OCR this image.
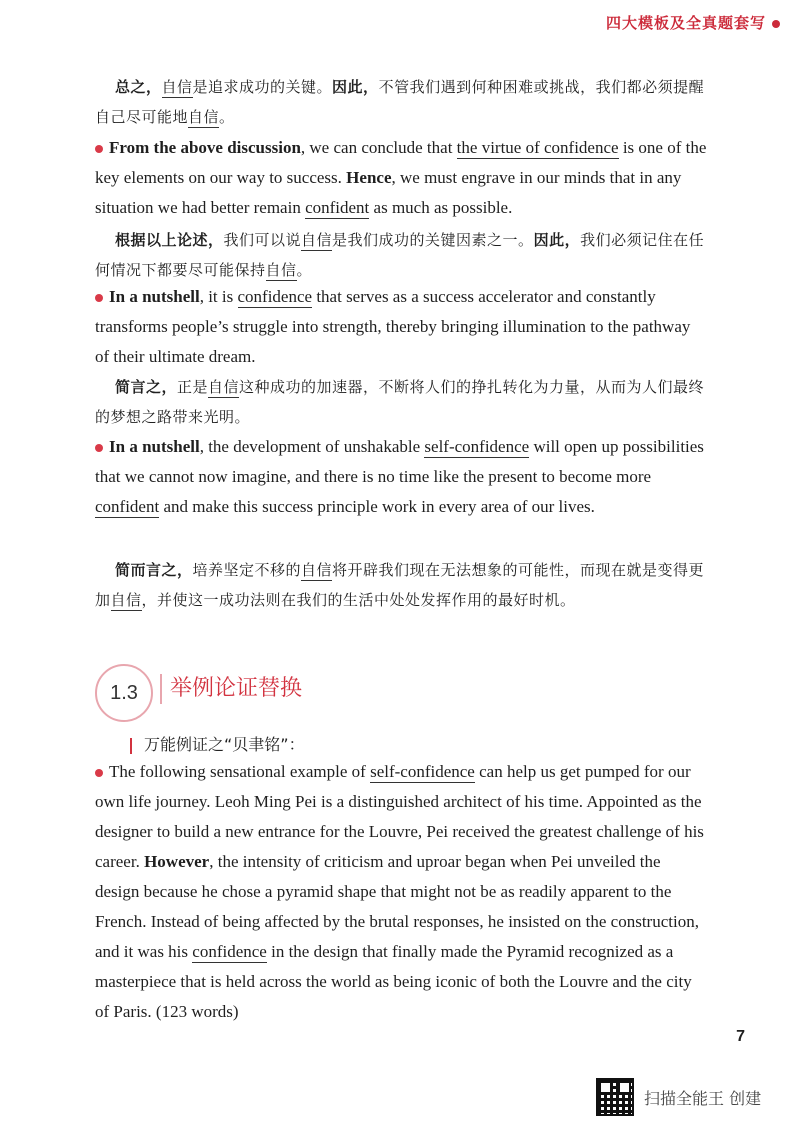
四大模板及全真题套写

总之，自信是追求成功的关键。因此，不管我们遇到何种困难或挑战，我们都必须提醒自己尽可能地自信。

From the above discussion, we can conclude that the virtue of confidence is one of the key elements on our way to success. Hence, we must engrave in our minds that in any situation we had better remain confident as much as possible.

根据以上论述，我们可以说自信是我们成功的关键因素之一。因此，我们必须记住在任何情况下都要尽可能保持自信。

In a nutshell, it is confidence that serves as a success accelerator and constantly transforms people’s struggle into strength, thereby bringing illumination to the pathway of their ultimate dream.

简言之，正是自信这种成功的加速器，不断将人们的挣扎转化为力量，从而为人们最终的梦想之路带来光明。

In a nutshell, the development of unshakable self-confidence will open up possibilities that we cannot now imagine, and there is no time like the present to become more confident and make this success principle work in every area of our lives.

简而言之，培养坚定不移的自信将开辟我们现在无法想象的可能性，而现在就是变得更加自信，并使这一成功法则在我们的生活中处处发挥作用的最好时机。

1.3	举例论证替换
万能例证之“贝聿铭”：

The following sensational example of self-confidence can help us get pumped for our own life journey. Leoh Ming Pei is a distinguished architect of his time. Appointed as the designer to build a new entrance for the Louvre, Pei received the greatest challenge of his career. However, the intensity of criticism and uproar began when Pei unveiled the design because he chose a pyramid shape that might not be as readily apparent to the French. Instead of being affected by the brutal responses, he insisted on the construction, and it was his confidence in the design that finally made the Pyramid recognized as a masterpiece that is held across the world as being iconic of both the Louvre and the city of Paris. (123 words)

7
扫描全能王 创建
